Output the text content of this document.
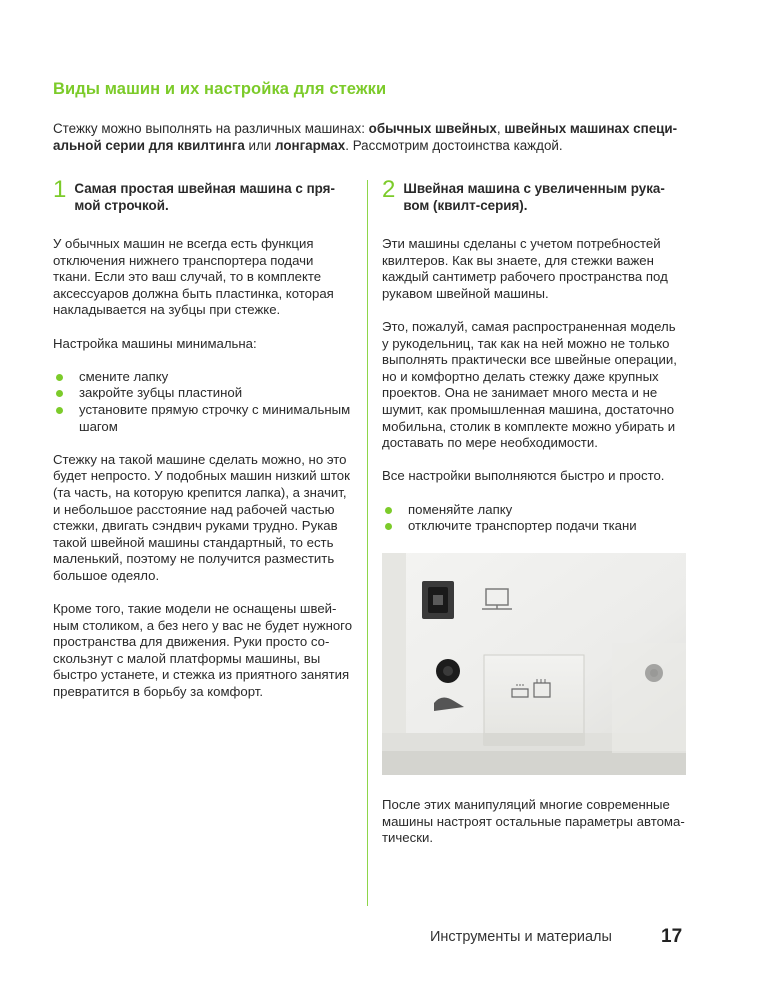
Виды машин и их настройка для стежки

Стежку можно выполнять на различных машинах: обычных швейных, швейных машинах специ-альной серии для квилтинга или лонгармах. Рассмотрим достоинства каждой.

1 Самая простая швейная машина с пря-мой строчкой.

У обычных машин не всегда есть функция отключения нижнего транспортера подачи ткани. Если это ваш случай, то в комплекте аксессуаров должна быть пластинка, которая накладывается на зубцы при стежке.

Настройка машины минимальна:

смените лапку
закройте зубцы пластиной
установите прямую строчку с минимальным шагом

Стежку на такой машине сделать можно, но это будет непросто. У подобных машин низкий шток (та часть, на которую крепится лапка), а значит, и небольшое расстояние над рабочей частью стежки, двигать сэндвич руками трудно. Рукав такой швейной машины стандартный, то есть маленький, поэтому не получится разместить большое одеяло.

Кроме того, такие модели не оснащены швей-ным столиком, а без него у вас не будет нужного пространства для движения. Руки просто со-скользнут с малой платформы машины, вы быстро устанете, и стежка из приятного занятия превратится в борьбу за комфорт.

2 Швейная машина с увеличенным рука-вом (квилт-серия).

Эти машины сделаны с учетом потребностей квилтеров. Как вы знаете, для стежки важен каждый сантиметр рабочего пространства под рукавом швейной машины.

Это, пожалуй, самая распространенная модель у рукодельниц, так как на ней можно не только выполнять практически все швейные операции, но и комфортно делать стежку даже крупных проектов. Она не занимает много места и не шумит, как промышленная машина, достаточно мобильна, столик в комплекте можно убирать и доставать по мере необходимости.

Все настройки выполняются быстро и просто.

поменяйте лапку
отключите транспортер подачи ткани

После этих манипуляций многие современные машины настроят остальные параметры автома-тически.

Инструменты и материалы	17
